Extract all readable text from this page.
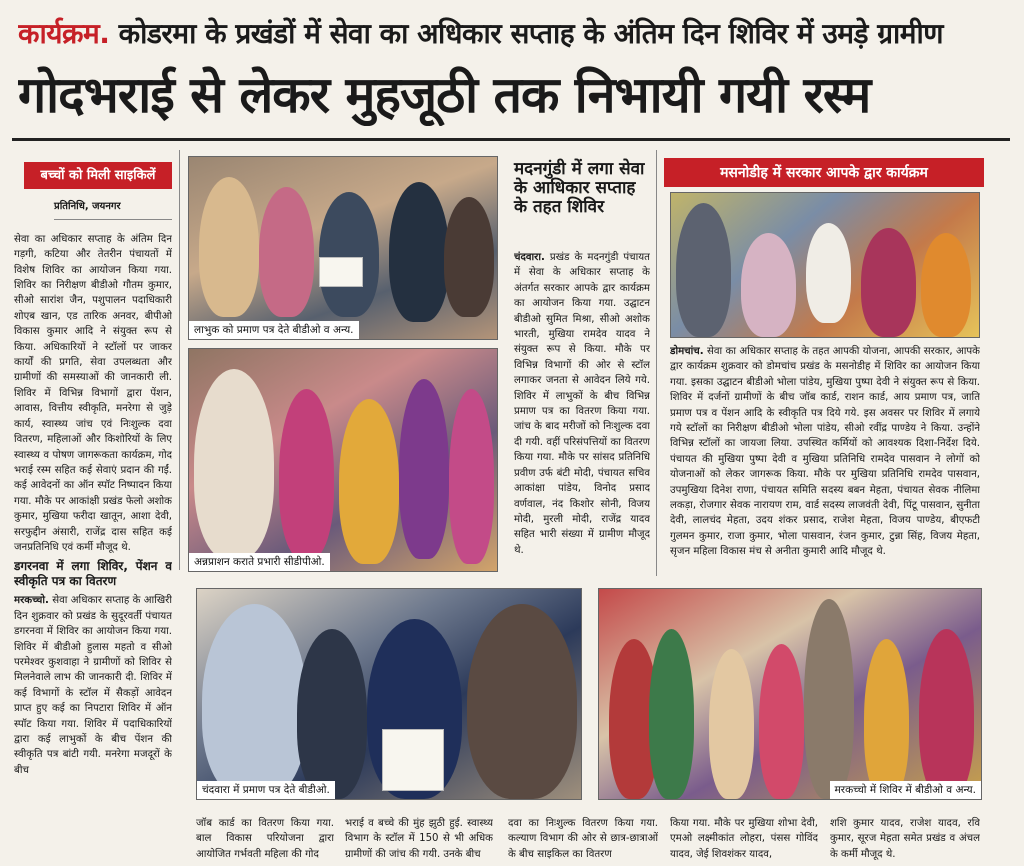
कार्यक्रम. कोडरमा के प्रखंडों में सेवा का अधिकार सप्ताह के अंतिम दिन शिविर में उमड़े ग्रामीण
गोदभराई से लेकर मुहजूठी तक निभायी गयी रस्म
बच्चों को मिली साइकिलें
प्रतिनिधि, जयनगर
सेवा का अधिकार सप्ताह के अंतिम दिन गड़गी, कटिया और तेतरीन पंचायतों में विशेष शिविर का आयोजन किया गया. शिविर का निरीक्षण बीडीओ गौतम कुमार, सीओ सारांश जैन, पशुपालन पदाधिकारी शोएब खान, एड तारिक अनवर, बीपीओ विकास कुमार आदि ने संयुक्त रूप से किया. अधिकारियों ने स्टॉलों पर जाकर कार्यों की प्रगति, सेवा उपलब्धता और ग्रामीणों की समस्याओं की जानकारी ली. शिविर में विभिन्न विभागों द्वारा पेंशन, आवास, वित्तीय स्वीकृति, मनरेगा से जुड़े कार्य, स्वास्थ्य जांच एवं निःशुल्क दवा वितरण, महिलाओं और किशोरियों के लिए स्वास्थ्य व पोषण जागरूकता कार्यक्रम, गोद भराई रस्म सहित कई सेवाएं प्रदान की गईं. कई आवेदनों का ऑन स्पॉट निष्पादन किया गया. मौके पर आकांक्षी प्रखंड फेलो अशोक कुमार, मुखिया फरीदा खातून, आशा देवी, सरफुद्दीन अंसारी, राजेंद्र दास सहित कई जनप्रतिनिधि एवं कर्मी मौजूद थे.
डगरनवा में लगा शिविर, पेंशन व स्वीकृति पत्र का वितरण
मरकच्चो. सेवा अधिकार सप्ताह के आखिरी दिन शुक्रवार को प्रखंड के सुदूरवर्ती पंचायत डगरनवा में शिविर का आयोजन किया गया. शिविर में बीडीओ हुलास महतो व सीओ परमेश्वर कुशवाहा ने ग्रामीणों को शिविर से मिलनेवाले लाभ की जानकारी दी. शिविर में कई विभागों के स्टॉल में सैकड़ों आवेदन प्राप्त हुए कई का निपटारा शिविर में ऑन स्पॉट किया गया. शिविर में पदाधिकारियों द्वारा कई लाभुकों के बीच पेंशन की स्वीकृति पत्र बांटी गयी. मनरेगा मजदूरों के बीच
लाभुक को प्रमाण पत्र देते बीडीओ व अन्य.
अन्नप्राशन कराते प्रभारी सीडीपीओ.
मदनगुंडी में लगा सेवा के आधिकार सप्ताह के तहत शिविर
चंदवारा. प्रखंड के मदनगुंडी पंचायत में सेवा के अधिकार सप्ताह के अंतर्गत सरकार आपके द्वार कार्यक्रम का आयोजन किया गया. उद्घाटन बीडीओ सुमित मिश्रा, सीओ अशोक भारती, मुखिया रामदेव यादव ने संयुक्त रूप से किया. मौके पर विभिन्न विभागों की ओर से स्टॉल लगाकर जनता से आवेदन लिये गये. शिविर में लाभुकों के बीच विभिन्न प्रमाण पत्र का वितरण किया गया. जांच के बाद मरीजों को निःशुल्क दवा दी गयी. वहीं परिसंपत्तियों का वितरण किया गया. मौके पर सांसद प्रतिनिधि प्रवीण उर्फ बंटी मोदी, पंचायत सचिव आकांक्षा पांडेय, विनोद प्रसाद वर्णवाल, नंद किशोर सोनी, विजय मोदी, मुरली मोदी, राजेंद्र यादव सहित भारी संख्या में ग्रामीण मौजूद थे.
मसनोडीह में सरकार आपके द्वार कार्यक्रम
डोमचांच. सेवा का अधिकार सप्ताह के तहत आपकी योजना, आपकी सरकार, आपके द्वार कार्यक्रम शुक्रवार को डोमचांच प्रखंड के मसनोडीह में शिविर का आयोजन किया गया. इसका उद्घाटन बीडीओ भोला पांडेय, मुखिया पुष्पा देवी ने संयुक्त रूप से किया. शिविर में दर्जनों ग्रामीणों के बीच जॉब कार्ड, राशन कार्ड, आय प्रमाण पत्र, जाति प्रमाण पत्र व पेंशन आदि के स्वीकृति पत्र दिये गये. इस अवसर पर शिविर में लगाये गये स्टॉलों का निरीक्षण बीडीओ भोला पांडेय, सीओ रवींद्र पाण्डेय ने किया. उन्होंने विभिन्न स्टॉलों का जायजा लिया. उपस्थित कर्मियों को आवश्यक दिशा-निर्देश दिये. पंचायत की मुखिया पुष्पा देवी व मुखिया प्रतिनिधि रामदेव पासवान ने लोगों को योजनाओं को लेकर जागरूक किया. मौके पर मुखिया प्रतिनिधि रामदेव पासवान, उपमुखिया दिनेश राणा, पंचायत समिति सदस्य बबन मेहता, पंचायत सेवक नीलिमा लकड़ा, रोजगार सेवक नारायण राम, वार्ड सदस्य लाजवंती देवी, पिंटू पासवान, सुनीता देवी, लालचंद मेहता, उदय शंकर प्रसाद, राजेश मेहता, विजय पाण्डेय, बीएफटी गुलमन कुमार, राजा कुमार, भोला पासवान, रंजन कुमार, टुन्ना सिंह, विजय मेहता, सृजन महिला विकास मंच से अनीता कुमारी आदि मौजूद थे.
चंदवारा में प्रमाण पत्र देते बीडीओ.	मरकच्चो में शिविर में बीडीओ व अन्य.
जॉब कार्ड का वितरण किया गया. बाल विकास परियोजना द्वारा आयोजित गर्भवती महिला की गोद
भराई व बच्चे की मुंह झुठी हुई. स्वास्थ्य विभाग के स्टॉल में 150 से भी अधिक ग्रामीणों की जांच की गयी. उनके बीच
दवा का निःशुल्क वितरण किया गया. कल्याण विभाग की ओर से छात्र-छात्राओं के बीच साइकिल का वितरण
किया गया. मौके पर मुखिया शोभा देवी, एमओ लक्ष्मीकांत लोहरा, पंसस गोविंद यादव, जेई शिवशंकर यादव,
शशि कुमार यादव, राजेश यादव, रवि कुमार, सूरज मेहता समेत प्रखंड व अंचल के कर्मी मौजूद थे.
